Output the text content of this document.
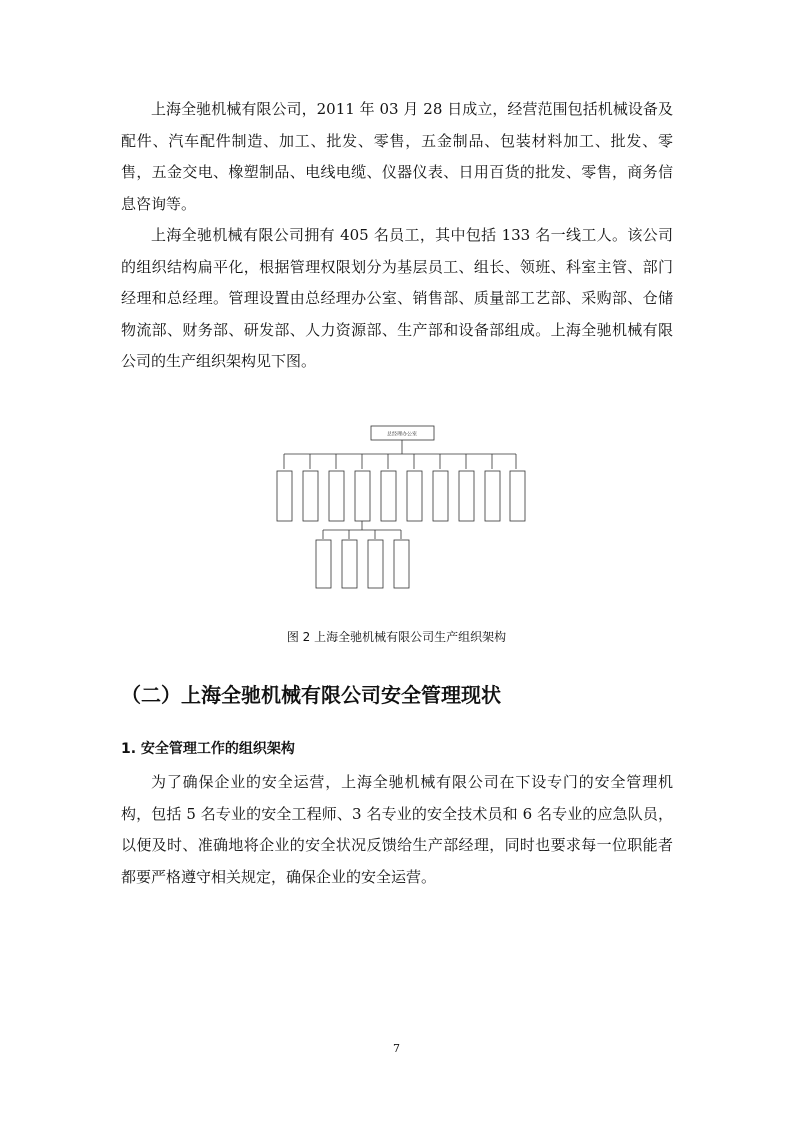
上海全驰机械有限公司，2011 年 03 月 28 日成立，经营范围包括机械设备及配件、汽车配件制造、加工、批发、零售，五金制品、包装材料加工、批发、零售，五金交电、橡塑制品、电线电缆、仪器仪表、日用百货的批发、零售，商务信息咨询等。

上海全驰机械有限公司拥有 405 名员工，其中包括 133 名一线工人。该公司的组织结构扁平化，根据管理权限划分为基层员工、组长、领班、科室主管、部门经理和总经理。管理设置由总经理办公室、销售部、质量部工艺部、采购部、仓储物流部、财务部、研发部、人力资源部、生产部和设备部组成。上海全驰机械有限公司的生产组织架构见下图。

总经理办公室
图 2 上海全驰机械有限公司生产组织架构
（二）上海全驰机械有限公司安全管理现状
1. 安全管理工作的组织架构

为了确保企业的安全运营，上海全驰机械有限公司在下设专门的安全管理机构，包括 5 名专业的安全工程师、3 名专业的安全技术员和 6 名专业的应急队员，以便及时、准确地将企业的安全状况反馈给生产部经理，同时也要求每一位职能者都要严格遵守相关规定，确保企业的安全运营。

7
